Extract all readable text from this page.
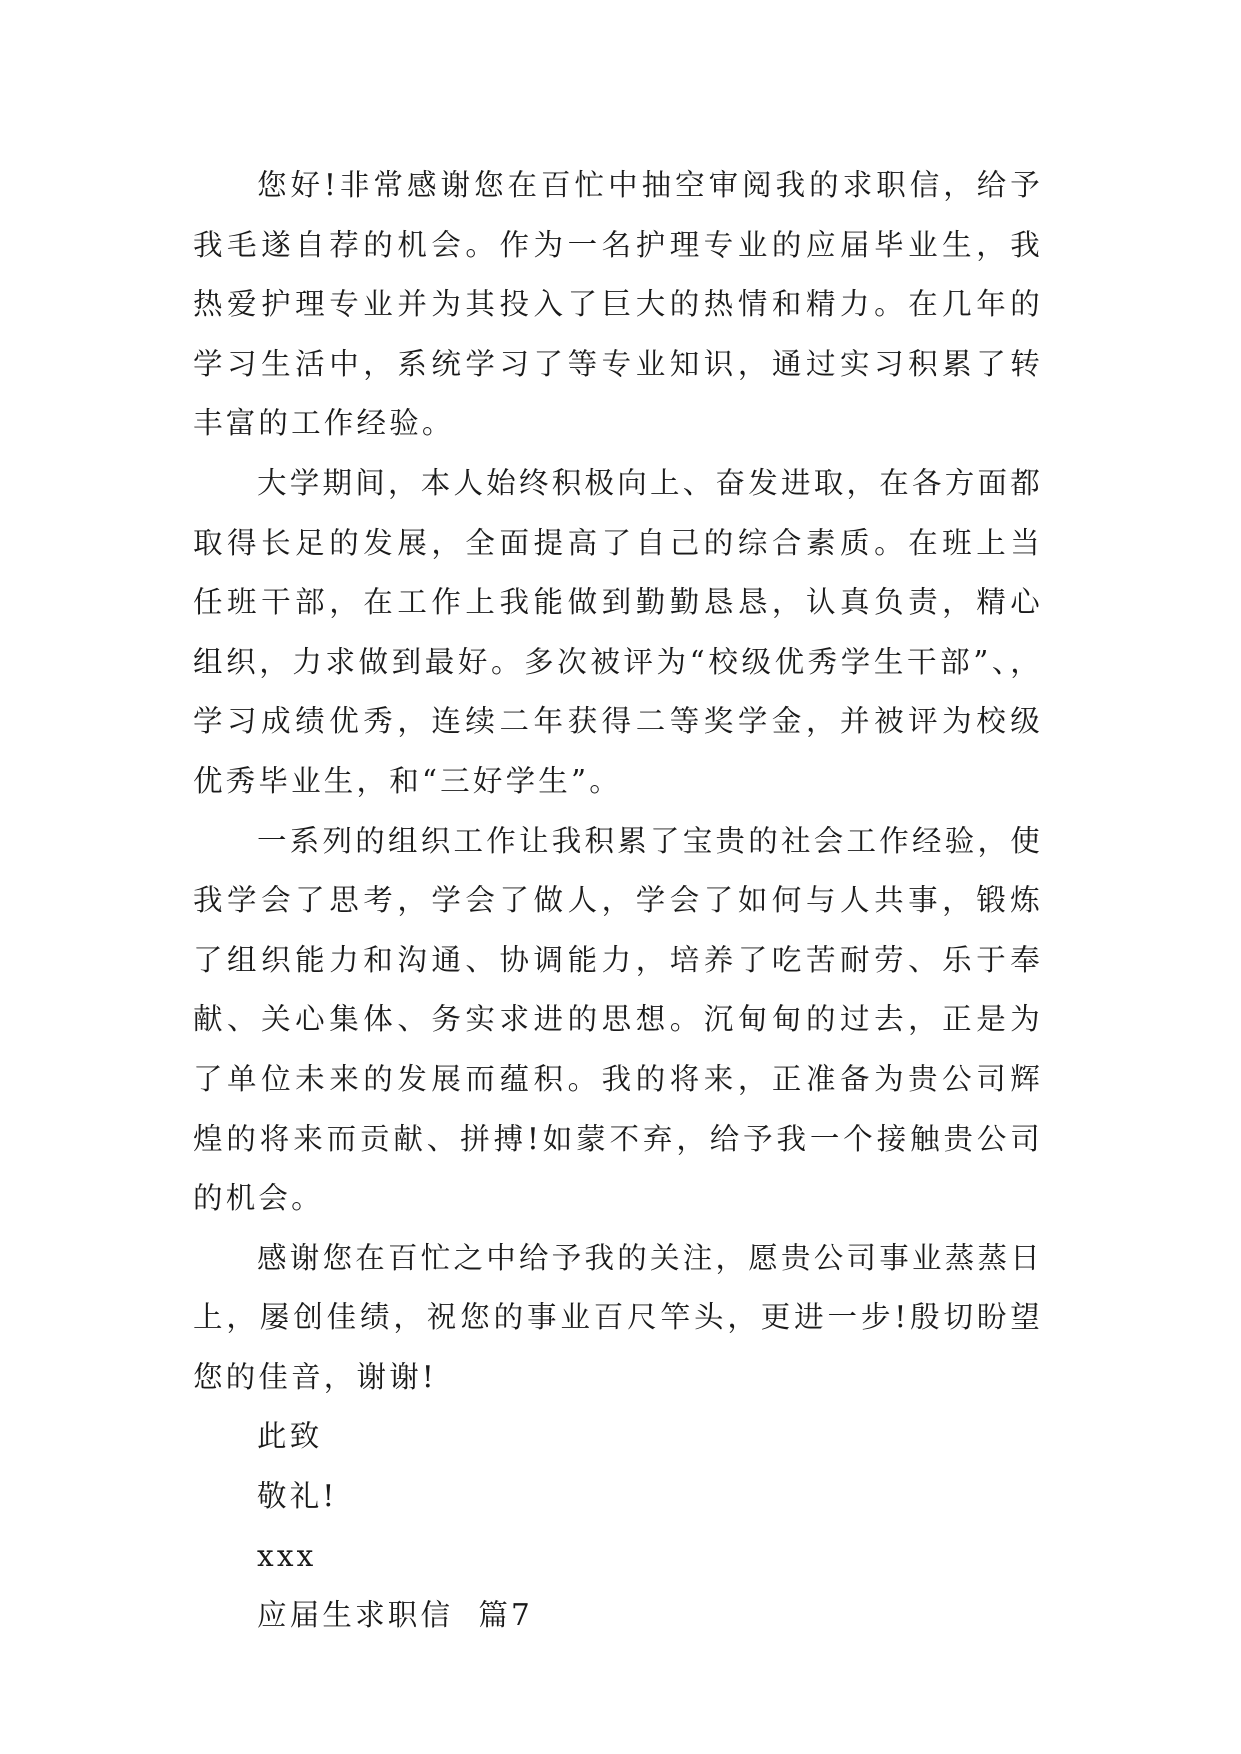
您好!非常感谢您在百忙中抽空审阅我的求职信，给予我毛遂自荐的机会。作为一名护理专业的应届毕业生，我热爱护理专业并为其投入了巨大的热情和精力。在几年的学习生活中，系统学习了等专业知识，通过实习积累了转丰富的工作经验。

大学期间，本人始终积极向上、奋发进取，在各方面都取得长足的发展，全面提高了自己的综合素质。在班上当任班干部，在工作上我能做到勤勤恳恳，认真负责，精心组织，力求做到最好。多次被评为“校级优秀学生干部”、，学习成绩优秀，连续二年获得二等奖学金，并被评为校级优秀毕业生，和“三好学生”。

一系列的组织工作让我积累了宝贵的社会工作经验，使我学会了思考，学会了做人，学会了如何与人共事，锻炼了组织能力和沟通、协调能力，培养了吃苦耐劳、乐于奉献、关心集体、务实求进的思想。沉甸甸的过去，正是为了单位未来的发展而蕴积。我的将来，正准备为贵公司辉煌的将来而贡献、拼搏!如蒙不弃，给予我一个接触贵公司的机会。

感谢您在百忙之中给予我的关注，愿贵公司事业蒸蒸日上，屡创佳绩，祝您的事业百尺竿头，更进一步!殷切盼望您的佳音，谢谢!

此致

敬礼!

xxx

应届生求职信  篇7
